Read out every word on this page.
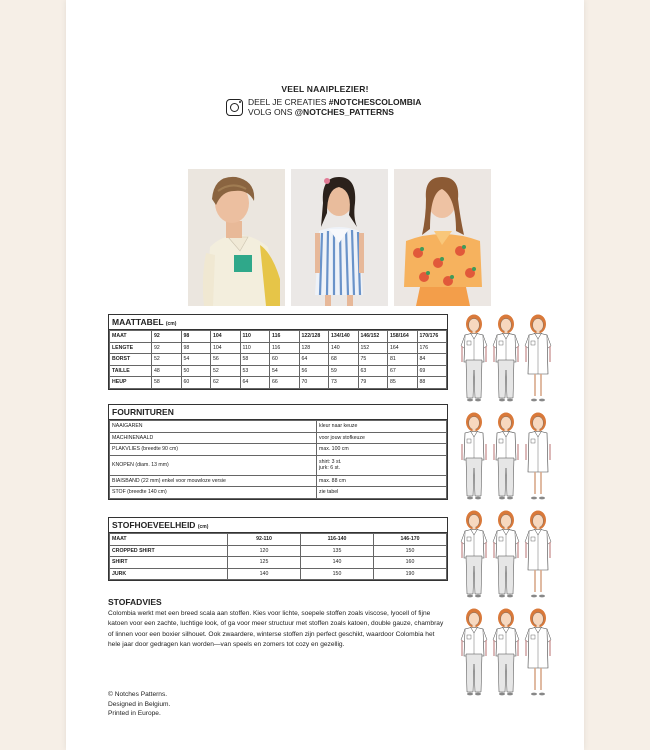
VEEL NAAIPLEZIER!
DEEL JE CREATIES #NOTCHESCOLOMBIA
VOLG ONS @NOTCHES_PATTERNS
MAATTABEL (cm)
MAAT	92	98	104	110	116	122/128	134/140	146/152	158/164	170/176
LENGTE	92	98	104	110	116	128	140	152	164	176
BORST	52	54	56	58	60	64	68	75	81	84
TAILLE	48	50	52	53	54	56	59	63	67	69
HEUP	58	60	62	64	66	70	73	79	85	88
FOURNITUREN
NAAIGAREN	kleur naar keuze
MACHINENAALD	voor jouw stofkeuze
PLAKVLIES (breedte 90 cm)	max. 100 cm
KNOPEN (diam. 13 mm)	shirt: 3 st.
jurk: 6 st.

BIAISBAND (22 mm) enkel voor mouwloze versie	max. 88 cm
STOF (breedte 140 cm)	zie tabel
STOFHOEVEELHEID (cm)
MAAT	92-110	116-140	146-170
CROPPED SHIRT	120	135	150
SHIRT	125	140	160
JURK	140	150	190
STOFADVIES

Colombia werkt met een breed scala aan stoffen. Kies voor lichte, soepele stoffen zoals viscose, lyocell of fijne katoen voor een zachte, luchtige look, of ga voor meer structuur met stoffen zoals katoen, double gauze, chambray of linnen voor een boxier silhouet. Ook zwaardere, winterse stoffen zijn perfect geschikt, waardoor Colombia het hele jaar door gedragen kan worden—van speels en zomers tot cozy en gezellig.

© Notches Patterns.
Designed in Belgium.
Printed in Europe.
